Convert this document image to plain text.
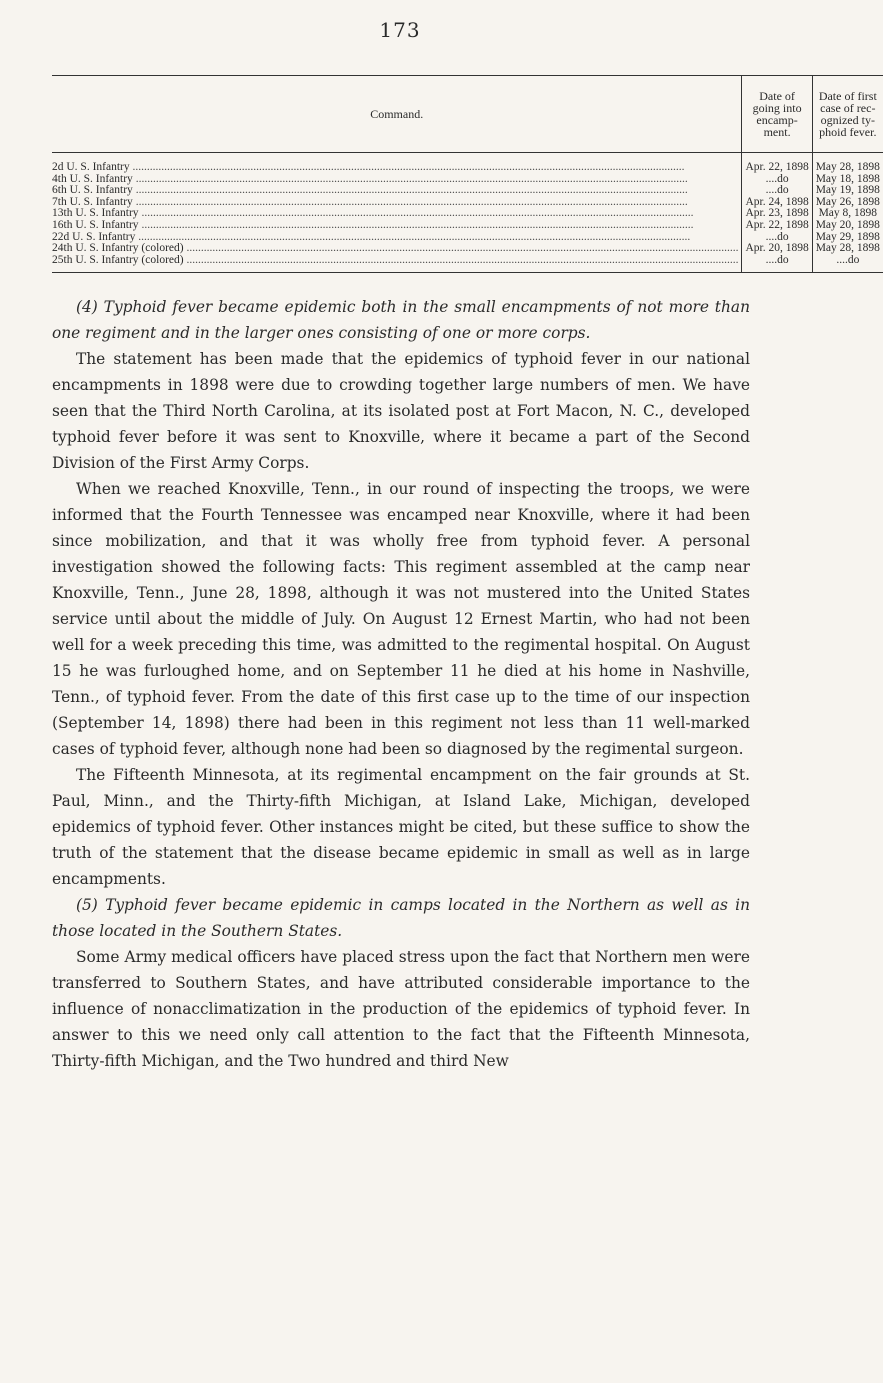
173
Command.	Date of going into encamp-ment.	Date of first case of rec-ognized ty-phoid fever.
2d U. S. Infantry .....	Apr. 22, 1898	May 28, 1898
4th U. S. Infantry .....	....do	May 18, 1898
6th U. S. Infantry .....	....do	May 19, 1898
7th U. S. Infantry .....	Apr. 24, 1898	May 26, 1898
13th U. S. Infantry .....	Apr. 23, 1898	May 8, 1898
16th U. S. Infantry .....	Apr. 22, 1898	May 20, 1898
22d U. S. Infantry .....	....do	May 29, 1898
24th U. S. Infantry (colored) .....	Apr. 20, 1898	May 28, 1898
25th U. S. Infantry (colored) .....	....do	....do

(4) Typhoid fever became epidemic both in the small encampments of not more than one regiment and in the larger ones consisting of one or more corps.

The statement has been made that the epidemics of typhoid fever in our national encampments in 1898 were due to crowding together large numbers of men. We have seen that the Third North Carolina, at its isolated post at Fort Macon, N. C., developed typhoid fever before it was sent to Knoxville, where it became a part of the Second Division of the First Army Corps.

When we reached Knoxville, Tenn., in our round of inspecting the troops, we were informed that the Fourth Tennessee was encamped near Knoxville, where it had been since mobilization, and that it was wholly free from typhoid fever. A personal investigation showed the following facts: This regiment assembled at the camp near Knoxville, Tenn., June 28, 1898, although it was not mustered into the United States service until about the middle of July. On August 12 Ernest Martin, who had not been well for a week preceding this time, was admitted to the regimental hospital. On August 15 he was furloughed home, and on September 11 he died at his home in Nashville, Tenn., of typhoid fever. From the date of this first case up to the time of our inspection (September 14, 1898) there had been in this regiment not less than 11 well-marked cases of typhoid fever, although none had been so diagnosed by the regimental surgeon.

The Fifteenth Minnesota, at its regimental encampment on the fair grounds at St. Paul, Minn., and the Thirty-fifth Michigan, at Island Lake, Michigan, developed epidemics of typhoid fever. Other instances might be cited, but these suffice to show the truth of the statement that the disease became epidemic in small as well as in large encampments.

(5) Typhoid fever became epidemic in camps located in the Northern as well as in those located in the Southern States.

Some Army medical officers have placed stress upon the fact that Northern men were transferred to Southern States, and have attributed considerable importance to the influence of nonacclimatization in the production of the epidemics of typhoid fever. In answer to this we need only call attention to the fact that the Fifteenth Minnesota, Thirty-fifth Michigan, and the Two hundred and third New
